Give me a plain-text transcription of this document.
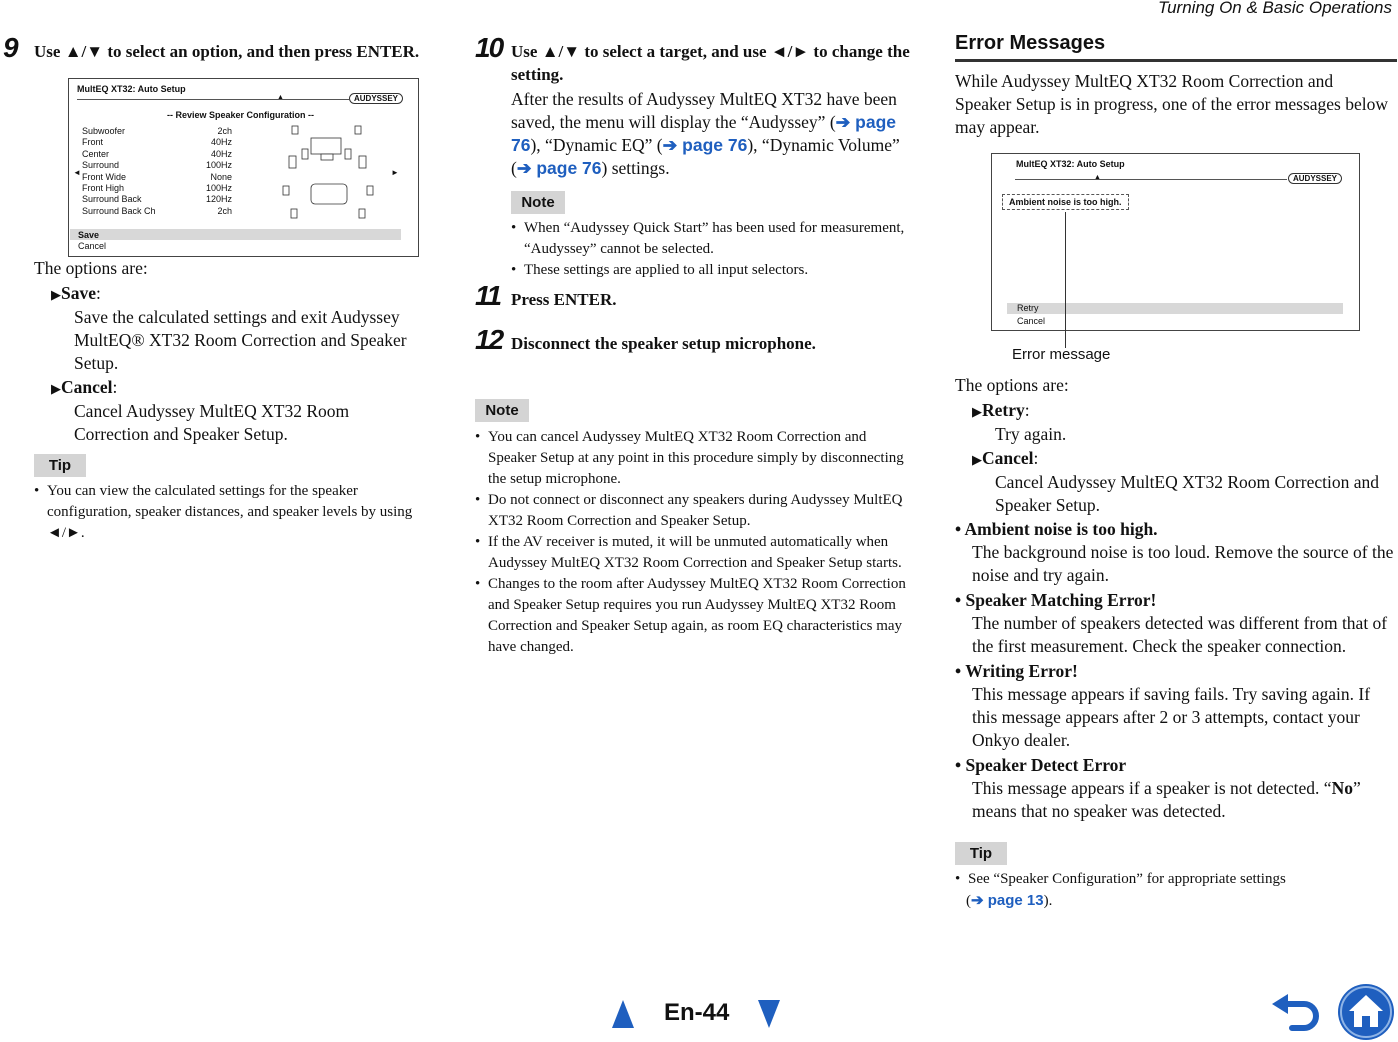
Turning On & Basic Operations
9 Use ▲/▼ to select an option, and then press ENTER.
MultEQ XT32: Auto Setup
▲	AUDYSSEY
-- Review Speaker Configuration --
◄	►
Subwoofer	2ch
Front	40Hz
Center	40Hz
Surround	100Hz
Front Wide	None
Front High	100Hz
Surround Back	120Hz
Surround Back Ch	2ch
Save
Cancel
The options are:
▶Save:
Save the calculated settings and exit Audyssey MultEQ® XT32 Room Correction and Speaker Setup.
▶Cancel:
Cancel Audyssey MultEQ XT32 Room Correction and Speaker Setup.
Tip
• You can view the calculated settings for the speaker configuration, speaker distances, and speaker levels by using ◄/►.
10 Use ▲/▼ to select a target, and use ◄/► to change the setting.
After the results of Audyssey MultEQ XT32 have been saved, the menu will display the “Audyssey” (➔ page 76), “Dynamic EQ” (➔ page 76), “Dynamic Volume” (➔ page 76) settings.
Note
• When “Audyssey Quick Start” has been used for measurement, “Audyssey” cannot be selected.
• These settings are applied to all input selectors.
11 Press ENTER.
12 Disconnect the speaker setup microphone.
Note
• You can cancel Audyssey MultEQ XT32 Room Correction and Speaker Setup at any point in this procedure simply by disconnecting the setup microphone.
• Do not connect or disconnect any speakers during Audyssey MultEQ XT32 Room Correction and Speaker Setup.
• If the AV receiver is muted, it will be unmuted automatically when Audyssey MultEQ XT32 Room Correction and Speaker Setup starts.
• Changes to the room after Audyssey MultEQ XT32 Room Correction and Speaker Setup requires you run Audyssey MultEQ XT32 Room Correction and Speaker Setup again, as room EQ characteristics may have changed.
Error Messages
While Audyssey MultEQ XT32 Room Correction and Speaker Setup is in progress, one of the error messages below may appear.
MultEQ XT32: Auto Setup
▲	AUDYSSEY
Ambient noise is too high.
Retry
Cancel
Error message
The options are:
▶Retry:
Try again.
▶Cancel:
Cancel Audyssey MultEQ XT32 Room Correction and Speaker Setup.
• Ambient noise is too high.
The background noise is too loud. Remove the source of the noise and try again.
• Speaker Matching Error!
The number of speakers detected was different from that of the first measurement. Check the speaker connection.
• Writing Error!
This message appears if saving fails. Try saving again. If this message appears after 2 or 3 attempts, contact your Onkyo dealer.
• Speaker Detect Error
This message appears if a speaker is not detected. “No” means that no speaker was detected.
Tip
• See “Speaker Configuration” for appropriate settings
(➔ page 13).
En-44
